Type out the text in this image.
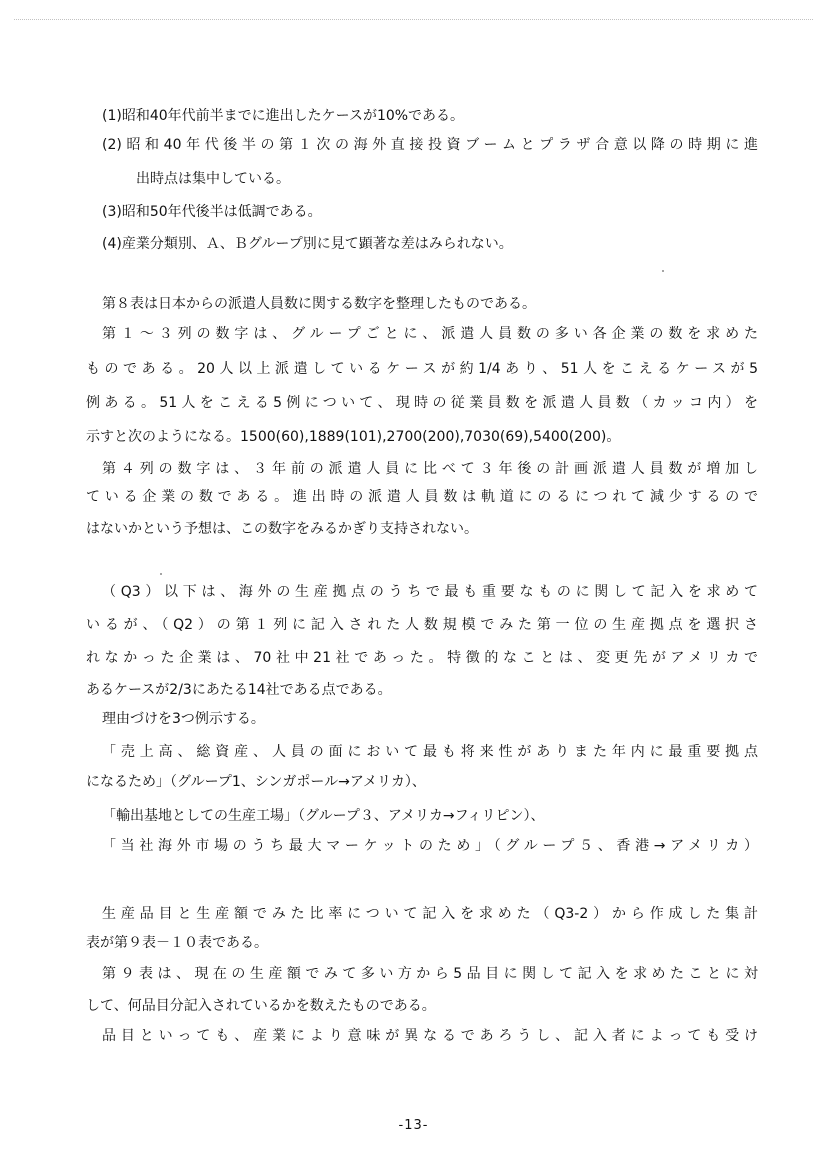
(1)昭和40年代前半までに進出したケースが10%である。
(2)昭和40年代後半の第１次の海外直接投資ブームとプラザ合意以降の時期に進
出時点は集中している。
(3)昭和50年代後半は低調である。
(4)産業分類別、Ａ、Ｂグループ別に見て顕著な差はみられない。
第８表は日本からの派遣人員数に関する数字を整理したものである。
第１～３列の数字は、グループごとに、派遣人員数の多い各企業の数を求めた
ものである。20人以上派遣しているケースが約1/4あり、51人をこえるケースが5
例ある。51人をこえる5例について、現時の従業員数を派遣人員数（カッコ内）を
示すと次のようになる。1500(60),1889(101),2700(200),7030(69),5400(200)。
第４列の数字は、３年前の派遣人員に比べて３年後の計画派遣人員数が増加し
ている企業の数である。進出時の派遣人員数は軌道にのるにつれて減少するので
はないかという予想は、この数字をみるかぎり支持されない。
（Q3）以下は、海外の生産拠点のうちで最も重要なものに関して記入を求めて
いるが、（Q2）の第１列に記入された人数規模でみた第一位の生産拠点を選択さ
れなかった企業は、70社中21社であった。特徴的なことは、変更先がアメリカで
あるケースが2/3にあたる14社である点である。
理由づけを3つ例示する。
「売上高、総資産、人員の面において最も将来性がありまた年内に最重要拠点
になるため」（グループ1、シンガポール→アメリカ）、
「輸出基地としての生産工場」（グループ３、アメリカ→フィリピン）、
「当社海外市場のうち最大マーケットのため」（グループ５、香港→アメリカ）
生産品目と生産額でみた比率について記入を求めた（Q3-2）から作成した集計
表が第９表－１０表である。
第９表は、現在の生産額でみて多い方から5品目に関して記入を求めたことに対
して、何品目分記入されているかを数えたものである。
品目といっても、産業により意味が異なるであろうし、記入者によっても受け
-13-
